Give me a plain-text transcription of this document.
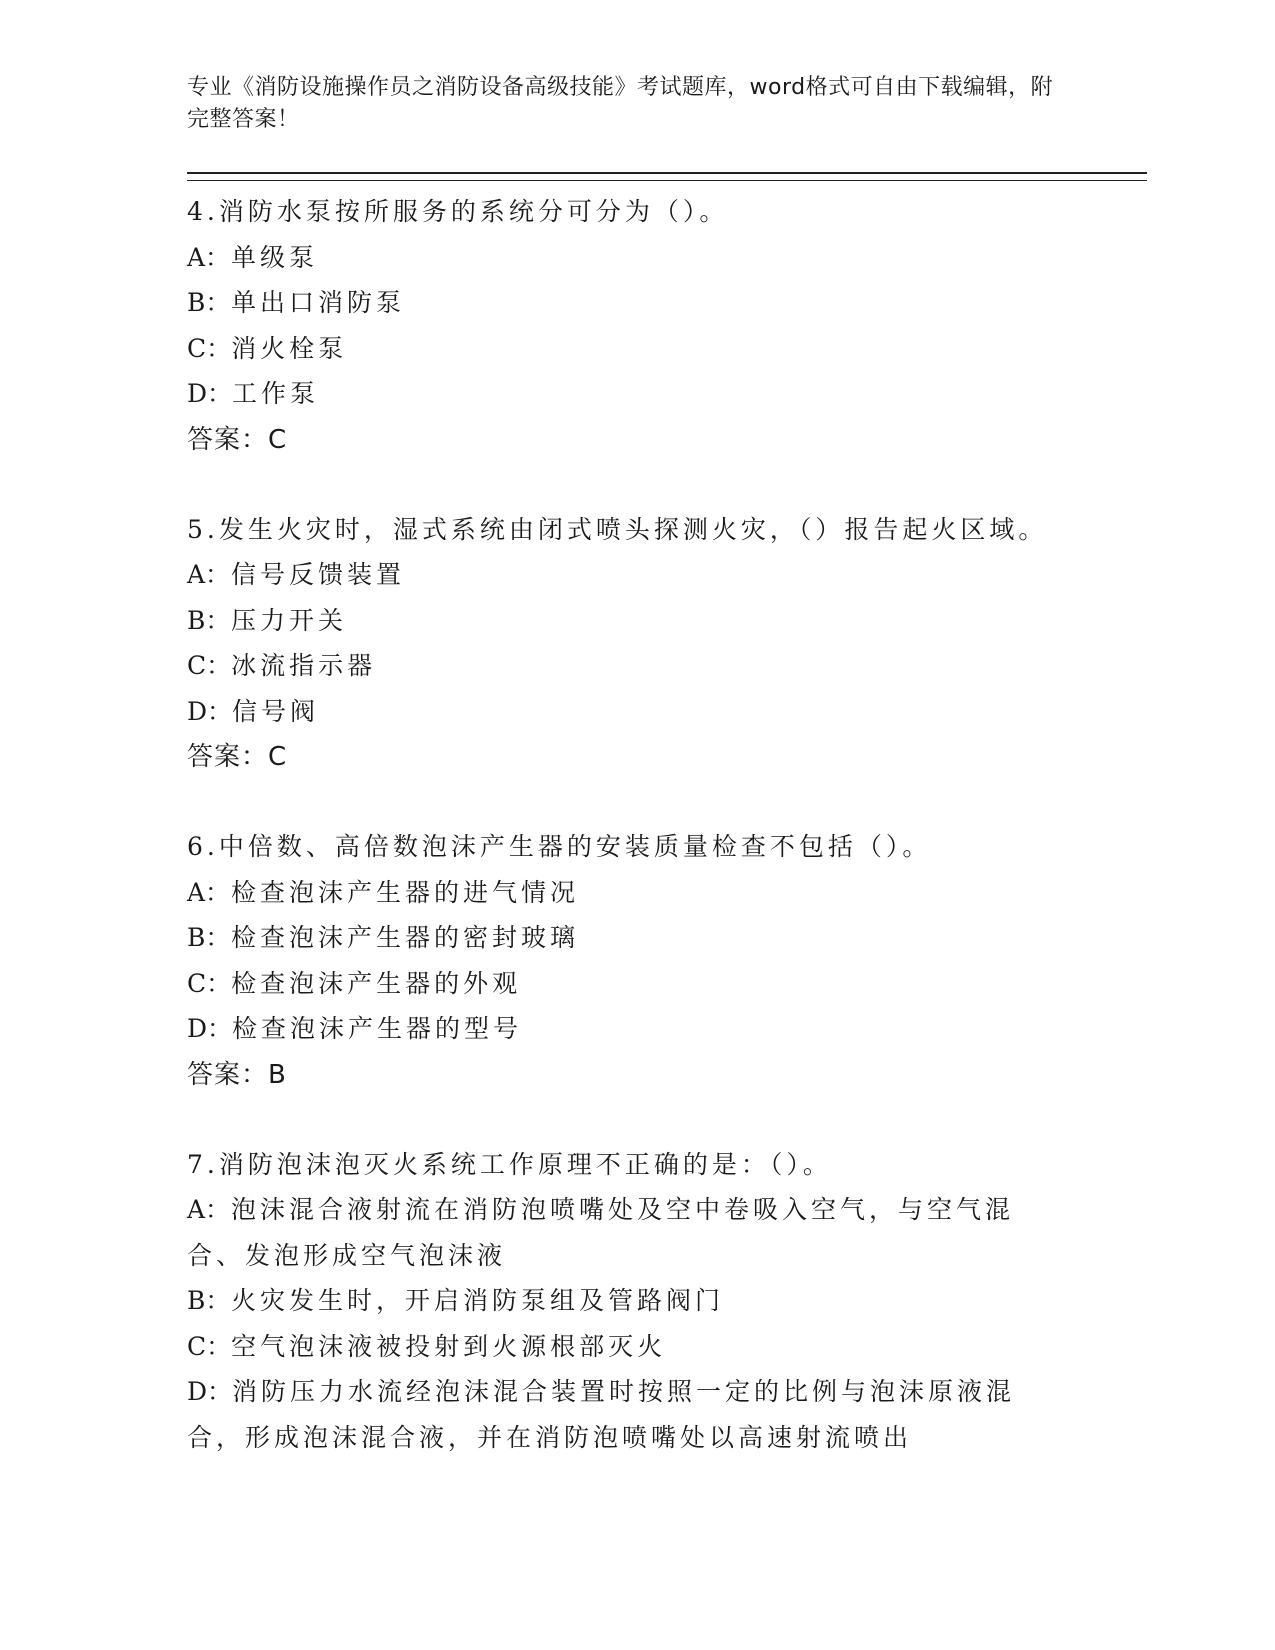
专业《消防设施操作员之消防设备高级技能》考试题库，word格式可自由下载编辑，附完整答案！
4.消防水泵按所服务的系统分可分为（）。
A：单级泵
B：单出口消防泵
C：消火栓泵
D：工作泵
答案：C
5.发生火灾时，湿式系统由闭式喷头探测火灾，（）报告起火区域。
A：信号反馈装置
B：压力开关
C：冰流指示器
D：信号阀
答案：C
6.中倍数、高倍数泡沫产生器的安装质量检查不包括（）。
A：检查泡沫产生器的进气情况
B：检查泡沫产生器的密封玻璃
C：检查泡沫产生器的外观
D：检查泡沫产生器的型号
答案：B
7.消防泡沫泡灭火系统工作原理不正确的是：（）。
A：泡沫混合液射流在消防泡喷嘴处及空中卷吸入空气，与空气混合、发泡形成空气泡沫液
B：火灾发生时，开启消防泵组及管路阀门
C：空气泡沫液被投射到火源根部灭火
D：消防压力水流经泡沫混合装置时按照一定的比例与泡沫原液混合，形成泡沫混合液，并在消防泡喷嘴处以高速射流喷出
